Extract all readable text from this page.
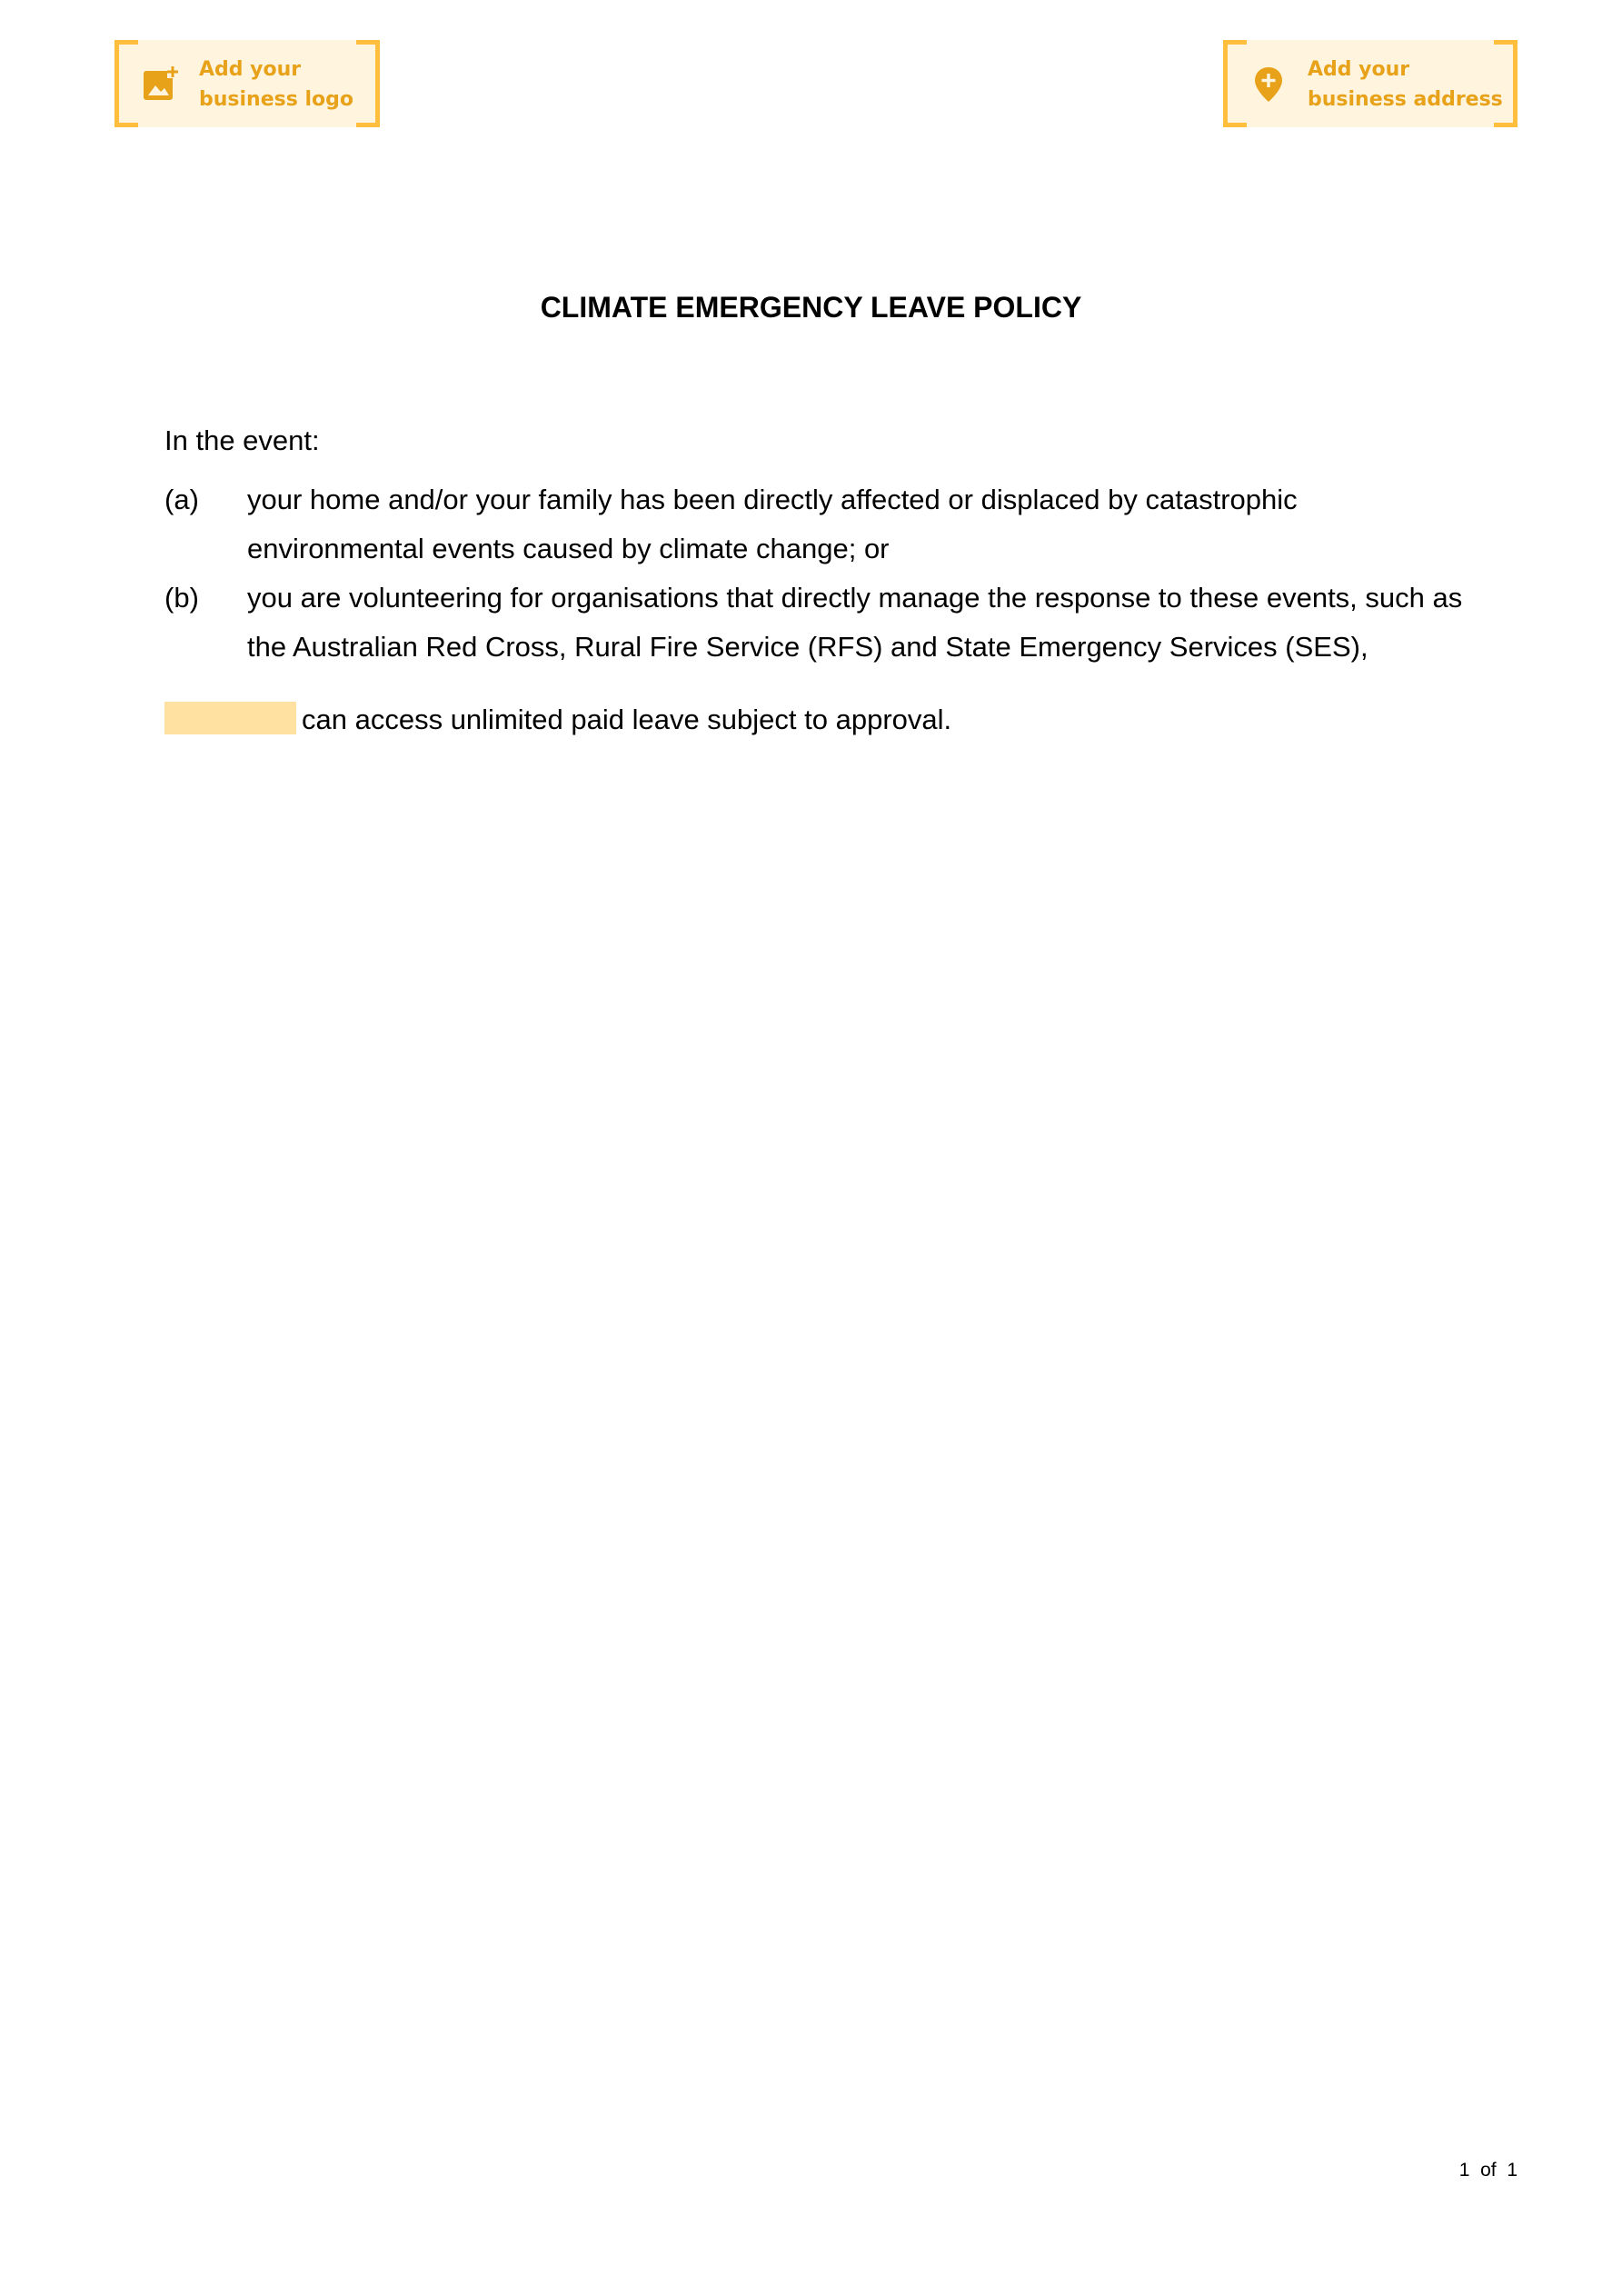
Add your
business logo
Add your
business address
CLIMATE EMERGENCY LEAVE POLICY
In the event:
(a) your home and/or your family has been directly affected or displaced by catastrophic environmental events caused by climate change; or
(b) you are volunteering for organisations that directly manage the response to these events, such as the Australian Red Cross, Rural Fire Service (RFS) and State Emergency Services (SES),
can access unlimited paid leave subject to approval.
1 of 1
